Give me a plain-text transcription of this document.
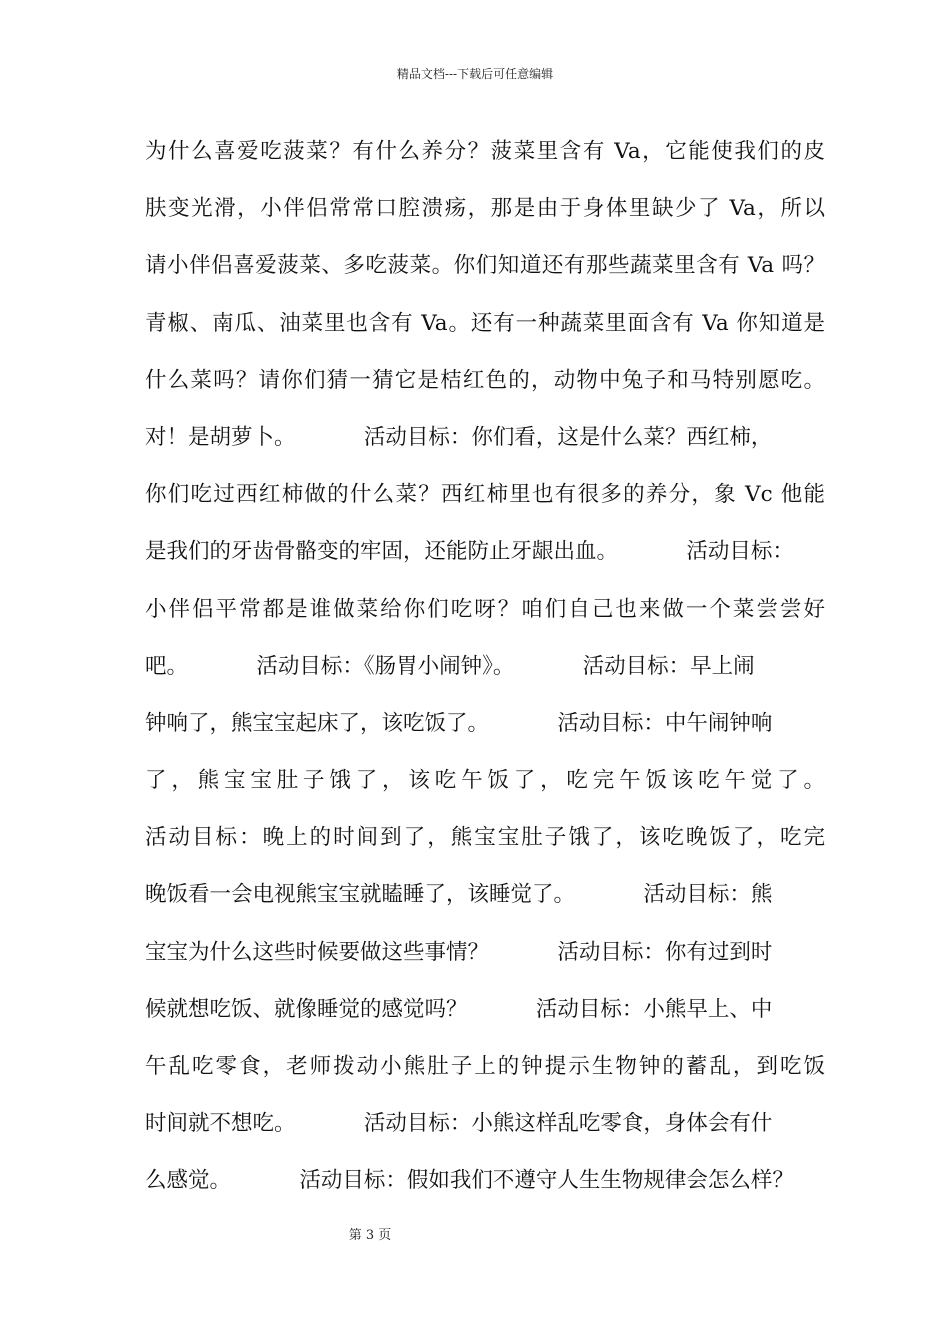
精品文档---下载后可任意编辑
为什么喜爱吃菠菜？有什么养分？菠菜里含有 Va，它能使我们的皮
肤变光滑，小伴侣常常口腔溃疡，那是由于身体里缺少了 Va，所以
请小伴侣喜爱菠菜、多吃菠菜。你们知道还有那些蔬菜里含有 Va 吗？
青椒、南瓜、油菜里也含有 Va。还有一种蔬菜里面含有 Va 你知道是
什么菜吗？请你们猜一猜它是桔红色的，动物中兔子和马特别愿吃。
对！是胡萝卜。          活动目标：你们看，这是什么菜？西红柿，
你们吃过西红柿做的什么菜？西红柿里也有很多的养分，象 Vc 他能
是我们的牙齿骨骼变的牢固，还能防止牙龈出血。          活动目标：
小伴侣平常都是谁做菜给你们吃呀？咱们自己也来做一个菜尝尝好
吧。          活动目标：《肠胃小闹钟》。          活动目标：早上闹
钟响了，熊宝宝起床了，该吃饭了。          活动目标：中午闹钟响
了，熊宝宝肚子饿了，该吃午饭了，吃完午饭该吃午觉了。
活动目标：晚上的时间到了，熊宝宝肚子饿了，该吃晚饭了，吃完
晚饭看一会电视熊宝宝就瞌睡了，该睡觉了。          活动目标：熊
宝宝为什么这些时候要做这些事情？          活动目标：你有过到时
候就想吃饭、就像睡觉的感觉吗？          活动目标：小熊早上、中
午乱吃零食，老师拨动小熊肚子上的钟提示生物钟的蓄乱，到吃饭
时间就不想吃。          活动目标：小熊这样乱吃零食，身体会有什
么感觉。          活动目标：假如我们不遵守人生生物规律会怎么样？
第 3 页
